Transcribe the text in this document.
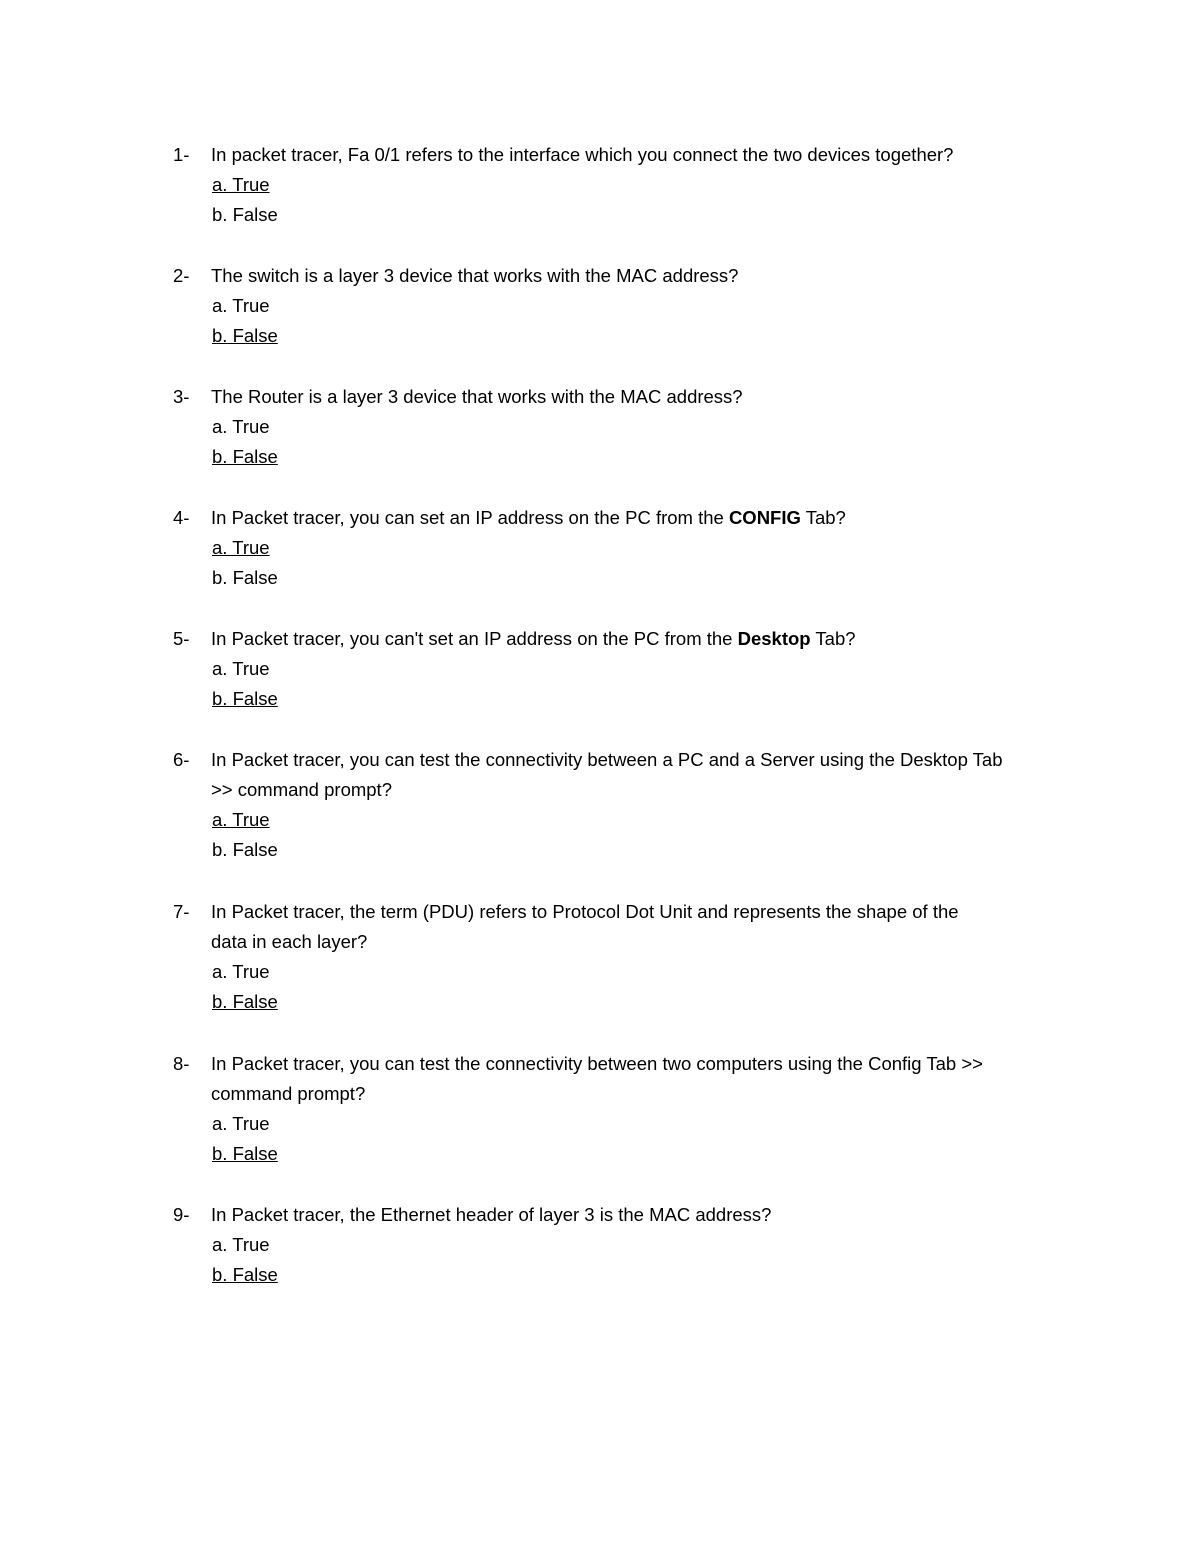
1- In packet tracer, Fa 0/1 refers to the interface which you connect the two devices together?
a. True
b. False
2- The switch is a layer 3 device that works with the MAC address?
a. True
b. False
3- The Router is a layer 3 device that works with the MAC address?
a. True
b. False
4- In Packet tracer, you can set an IP address on the PC from the CONFIG Tab?
a. True
b. False
5- In Packet tracer, you can't set an IP address on the PC from the Desktop Tab?
a. True
b. False
6- In Packet tracer, you can test the connectivity between a PC and a Server using the Desktop Tab
>> command prompt?
a. True
b. False
7- In Packet tracer, the term (PDU) refers to Protocol Dot Unit and represents the shape of the
data in each layer?
a. True
b. False
8- In Packet tracer, you can test the connectivity between two computers using the Config Tab >>
command prompt?
a. True
b. False
9- In Packet tracer, the Ethernet header of layer 3 is the MAC address?
a. True
b. False
